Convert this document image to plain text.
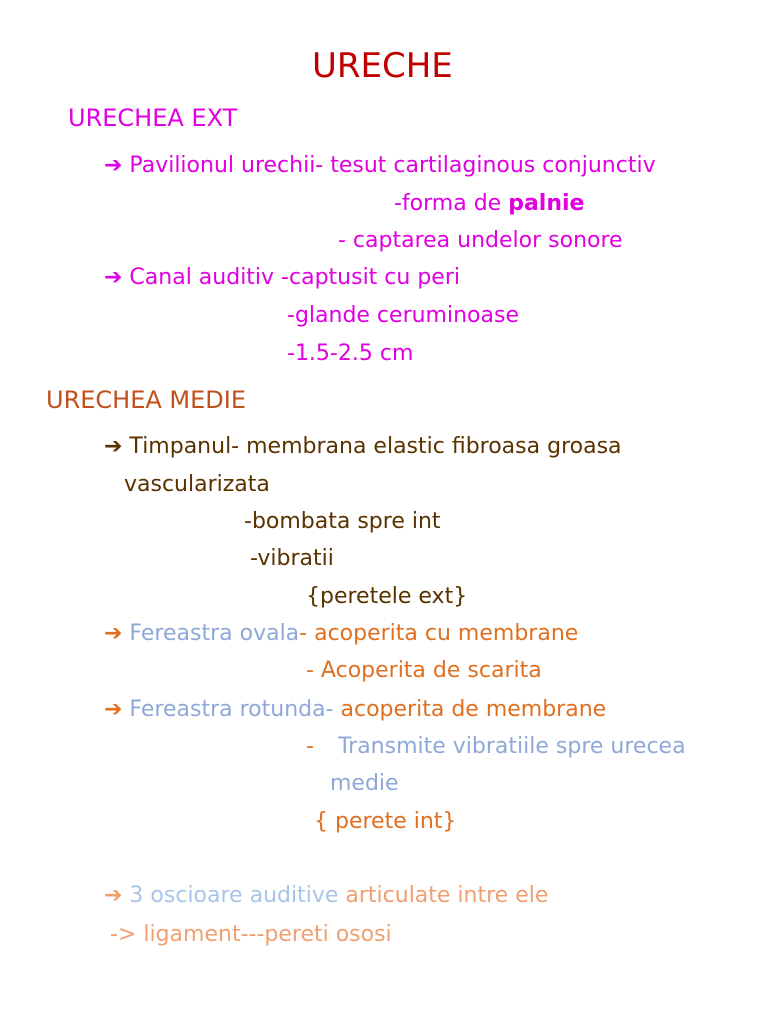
URECHE
URECHEA EXT
➔ Pavilionul urechii- tesut cartilaginous conjunctiv
-forma de palnie
- captarea undelor sonore
➔ Canal auditiv -captusit cu peri
-glande ceruminoase
-1.5-2.5 cm
URECHEA MEDIE
➔ Timpanul- membrana elastic fibroasa groasa
vascularizata
-bombata spre int
-vibratii
{peretele ext}
➔ Fereastra ovala- acoperita cu membrane
- Acoperita de scarita
➔ Fereastra rotunda- acoperita de membrane
- Transmite vibratiile spre urecea
medie
{ perete int}
➔ 3 oscioare auditive articulate intre ele
-> ligament---pereti ososi
